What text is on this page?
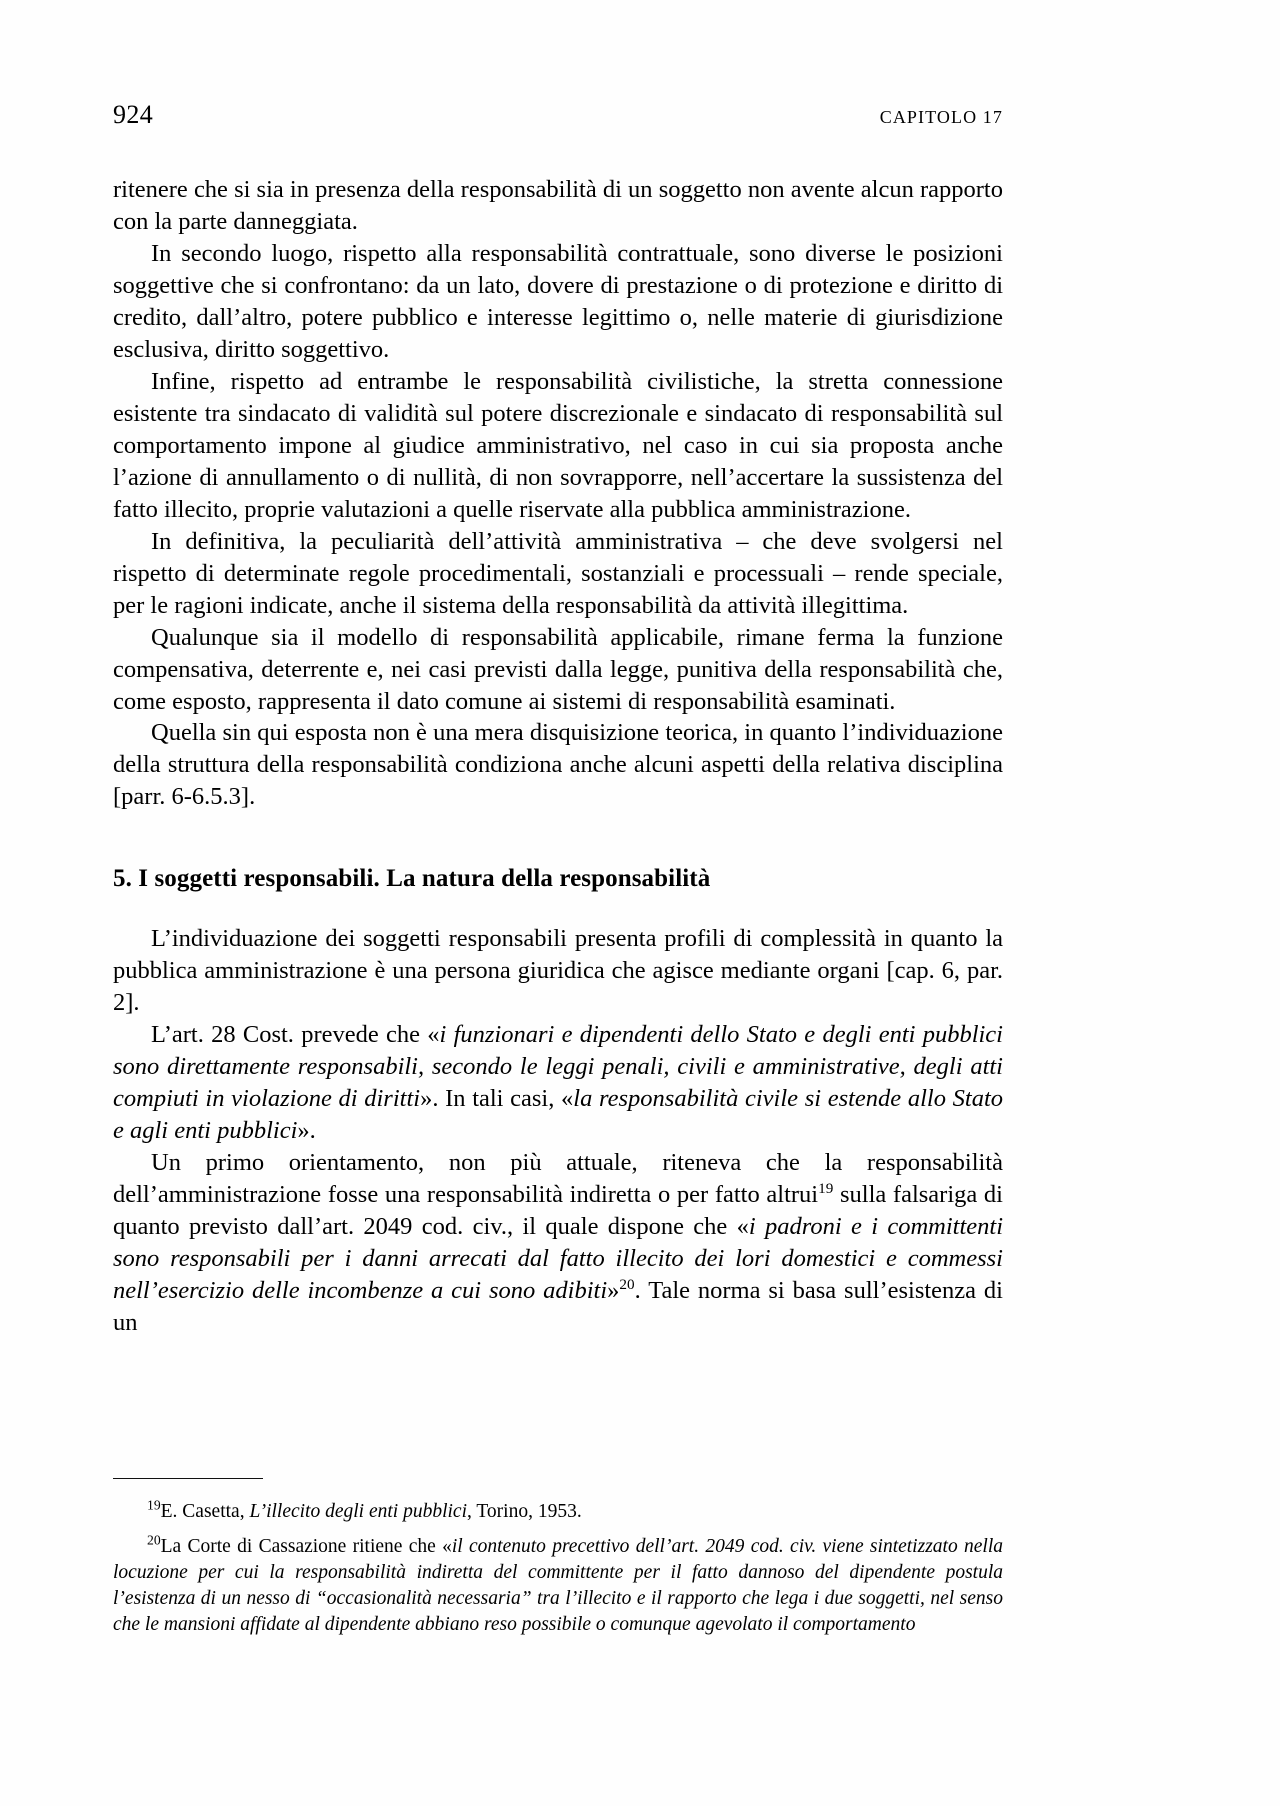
924	CAPITOLO 17

ritenere che si sia in presenza della responsabilità di un soggetto non avente alcun rapporto con la parte danneggiata.

In secondo luogo, rispetto alla responsabilità contrattuale, sono diverse le posizioni soggettive che si confrontano: da un lato, dovere di prestazione o di protezione e diritto di credito, dall’altro, potere pubblico e interesse legittimo o, nelle materie di giurisdizione esclusiva, diritto soggettivo.

Infine, rispetto ad entrambe le responsabilità civilistiche, la stretta connessione esistente tra sindacato di validità sul potere discrezionale e sindacato di responsabilità sul comportamento impone al giudice amministrativo, nel caso in cui sia proposta anche l’azione di annullamento o di nullità, di non sovrapporre, nell’accertare la sussistenza del fatto illecito, proprie valutazioni a quelle riservate alla pubblica amministrazione.

In definitiva, la peculiarità dell’attività amministrativa – che deve svolgersi nel rispetto di determinate regole procedimentali, sostanziali e processuali – rende speciale, per le ragioni indicate, anche il sistema della responsabilità da attività illegittima.

Qualunque sia il modello di responsabilità applicabile, rimane ferma la funzione compensativa, deterrente e, nei casi previsti dalla legge, punitiva della responsabilità che, come esposto, rappresenta il dato comune ai sistemi di responsabilità esaminati.

Quella sin qui esposta non è una mera disquisizione teorica, in quanto l’individuazione della struttura della responsabilità condiziona anche alcuni aspetti della relativa disciplina [parr. 6-6.5.3].

5. I soggetti responsabili. La natura della responsabilità

L’individuazione dei soggetti responsabili presenta profili di complessità in quanto la pubblica amministrazione è una persona giuridica che agisce mediante organi [cap. 6, par. 2].

L’art. 28 Cost. prevede che «i funzionari e dipendenti dello Stato e degli enti pubblici sono direttamente responsabili, secondo le leggi penali, civili e amministrative, degli atti compiuti in violazione di diritti». In tali casi, «la responsabilità civile si estende allo Stato e agli enti pubblici».

Un primo orientamento, non più attuale, riteneva che la responsabilità dell’amministrazione fosse una responsabilità indiretta o per fatto altrui$^{19}$ sulla falsariga di quanto previsto dall’art. 2049 cod. civ., il quale dispone che «i padroni e i committenti sono responsabili per i danni arrecati dal fatto illecito dei lori domestici e commessi nell’esercizio delle incombenze a cui sono adibiti»$^{20}$. Tale norma si basa sull’esistenza di un

$^{19}$E. Casetta, L’illecito degli enti pubblici, Torino, 1953.

$^{20}$La Corte di Cassazione ritiene che «il contenuto precettivo dell’art. 2049 cod. civ. viene sintetizzato nella locuzione per cui la responsabilità indiretta del committente per il fatto dannoso del dipendente postula l’esistenza di un nesso di “occasionalità necessaria” tra l’illecito e il rapporto che lega i due soggetti, nel senso che le mansioni affidate al dipendente abbiano reso possibile o comunque agevolato il comportamento
